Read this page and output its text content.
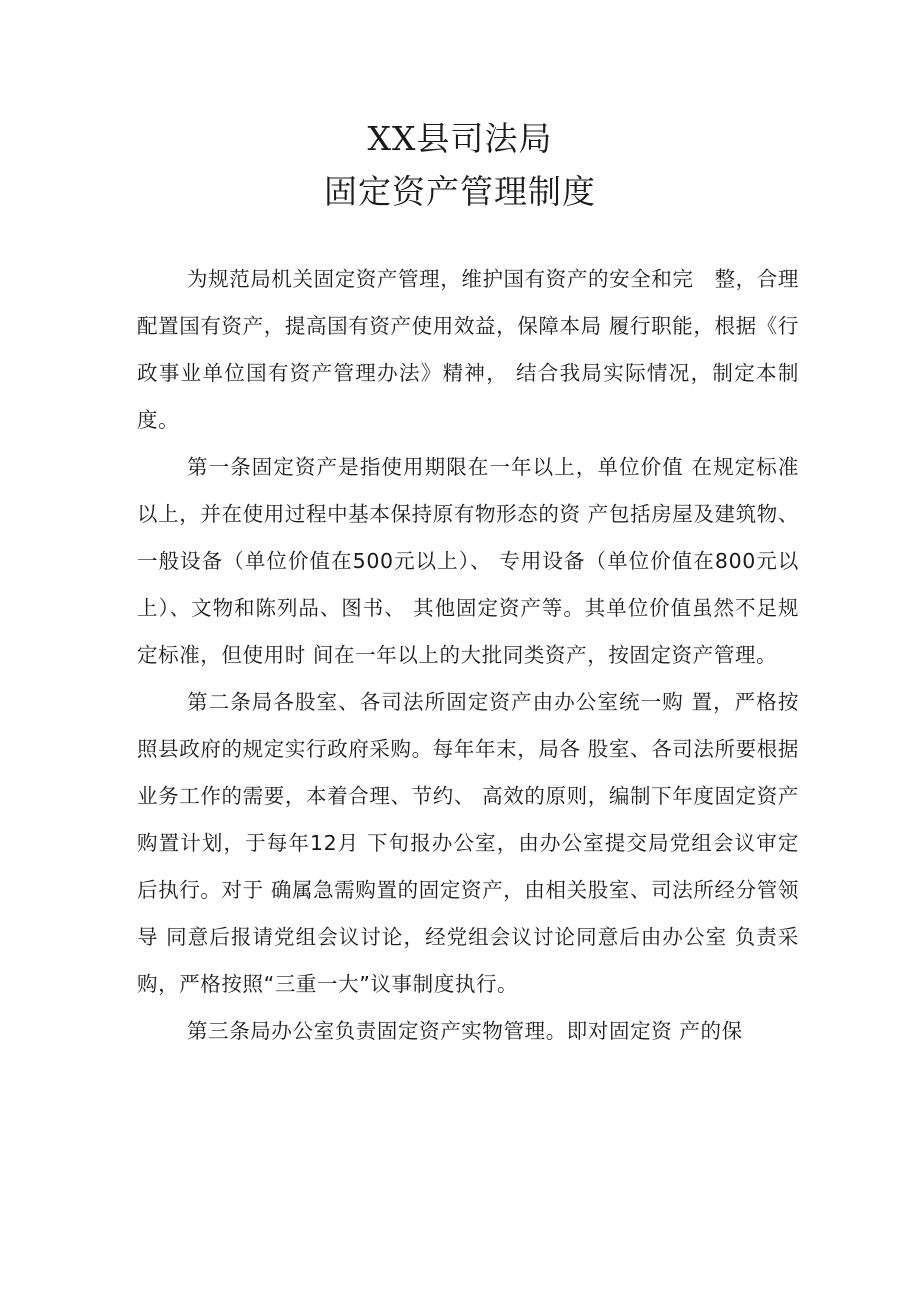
XX县司法局
固定资产管理制度

为规范局机关固定资产管理，维护国有资产的安全和完　整，合理配置国有资产，提高国有资产使用效益，保障本局 履行职能，根据《行政事业单位国有资产管理办法》精神， 结合我局实际情况，制定本制度。

第一条固定资产是指使用期限在一年以上，单位价值 在规定标准以上，并在使用过程中基本保持原有物形态的资 产包括房屋及建筑物、一般设备（单位价值在500元以上）、 专用设备（单位价值在800元以上）、文物和陈列品、图书、 其他固定资产等。其单位价值虽然不足规定标准，但使用时 间在一年以上的大批同类资产，按固定资产管理。

第二条局各股室、各司法所固定资产由办公室统一购 置，严格按照县政府的规定实行政府采购。每年年末，局各 股室、各司法所要根据业务工作的需要，本着合理、节约、 高效的原则，编制下年度固定资产购置计划，于每年12月 下旬报办公室，由办公室提交局党组会议审定后执行。对于 确属急需购置的固定资产，由相关股室、司法所经分管领导 同意后报请党组会议讨论，经党组会议讨论同意后由办公室 负责采购，严格按照“三重一大”议事制度执行。

第三条局办公室负责固定资产实物管理。即对固定资 产的保
